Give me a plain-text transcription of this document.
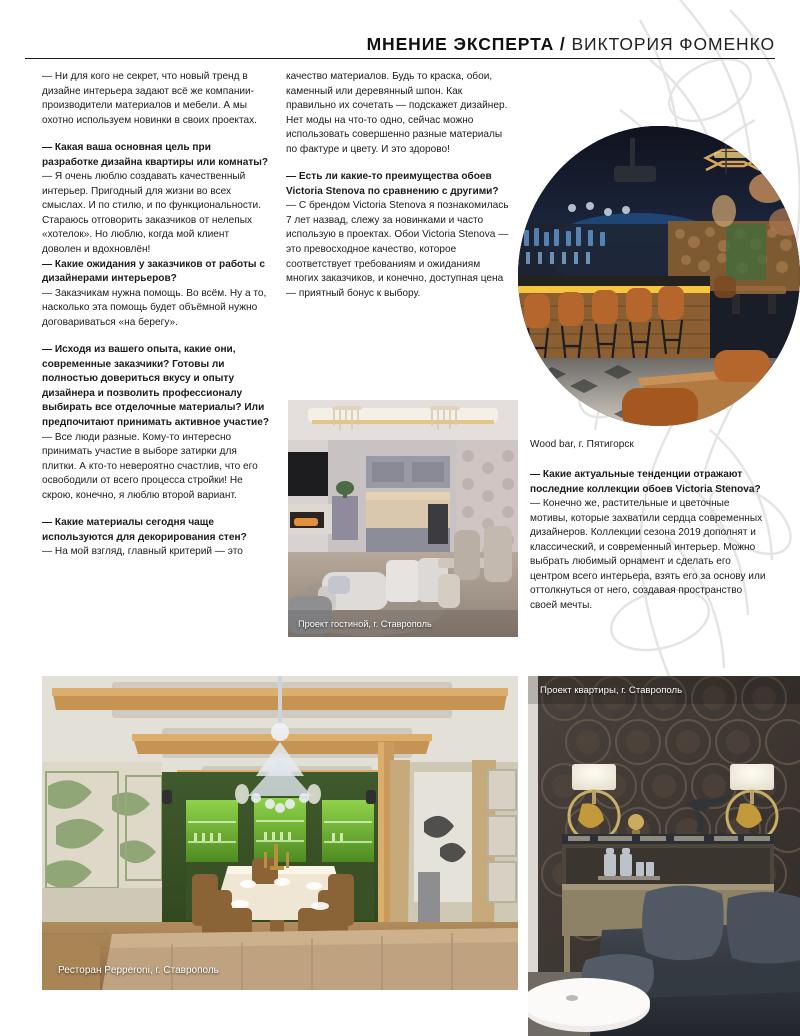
МНЕНИЕ ЭКСПЕРТА / ВИКТОРИЯ ФОМЕНКО

— Ни для кого не секрет, что новый тренд в дизайне интерьера задают всё же компании-производители материалов и мебели. А мы охотно используем новинки в своих проектах.

— Какая ваша основная цель при разработке дизайна квартиры или комнаты?

— Я очень люблю создавать качественный интерьер. Пригодный для жизни во всех смыслах. И по стилю, и по функциональности. Стараюсь отговорить заказчиков от нелепых «хотелок». Но люблю, когда мой клиент доволен и вдохновлён!

— Какие ожидания у заказчиков от работы с дизайнерами интерьеров?

— Заказчикам нужна помощь. Во всём. Ну а то, насколько эта помощь будет объёмной нужно договариваться «на берегу».

— Исходя из вашего опыта, какие они, современные заказчики? Готовы ли полностью довериться вкусу и опыту дизайнера и позволить профессионалу выбирать все отделочные материалы? Или предпочитают принимать активное участие?

— Все люди разные. Кому-то интересно принимать участие в выборе затирки для плитки. А кто-то невероятно счастлив, что его освободили от всего процесса стройки! Не скрою, конечно, я люблю второй вариант.

— Какие материалы сегодня чаще используются для декорирования стен?

— На мой взгляд, главный критерий — это

качество материалов. Будь то краска, обои, каменный или деревянный шпон. Как правильно их сочетать — подскажет дизайнер. Нет моды на что-то одно, сейчас можно использовать совершенно разные материалы по фактуре и цвету. И это здорово!

— Есть ли какие-то преимущества обоев Victoria Stenova по сравнению с другими?

— С брендом Victoria Stenova я познакомилась 7 лет назвад, слежу за новинками и часто использую в проектах. Обои Victoria Stenova — это превосходное качество, которое соответствует требованиям и ожиданиям многих заказчиков, и конечно, доступная цена — приятный бонус к выбору.

— Какие актуальные тенденции отражают последние коллекции обоев Victoria Stenova?

— Конечно же, растительные и цветочные мотивы, которые захватили сердца современных дизайнеров. Коллекции сезона 2019 дополнят и классический, и современный интерьер. Можно выбрать любимый орнамент и сделать его центром всего интерьера, взять его за основу или оттолкнуться от него, создавая пространство своей мечты.

Wood bar, г. Пятигорск
Проект гостиной, г. Ставрополь
Ресторан Pepperoni, г. Ставрополь
Проект квартиры, г. Ставрополь
